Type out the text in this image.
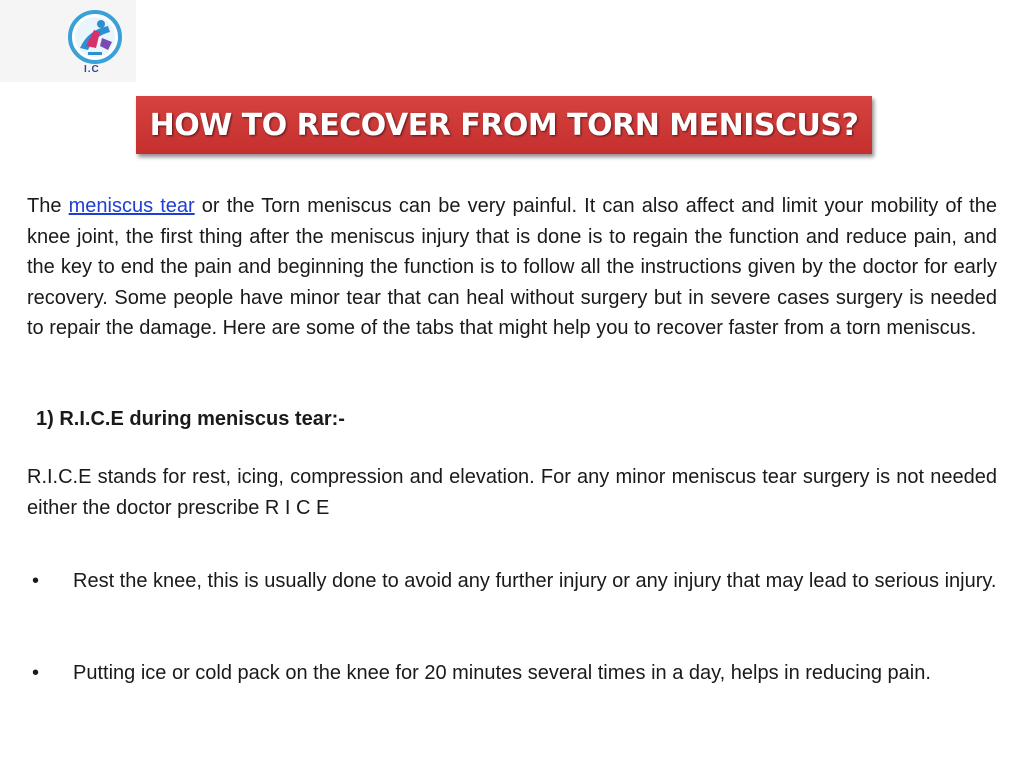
I.C
HOW TO RECOVER FROM TORN MENISCUS?
The meniscus tear or the Torn meniscus can be very painful. It can also affect and limit your mobility of the knee joint, the first thing after the meniscus injury that is done is to regain the function and reduce pain, and the key to end the pain and beginning the function is to follow all the instructions given by the doctor for early recovery. Some people have minor tear that can heal without surgery but in severe cases surgery is needed to repair the damage. Here are some of the tabs that might help you to recover faster from a torn meniscus.
1) R.I.C.E during meniscus tear:-
R.I.C.E stands for rest, icing, compression and elevation. For any minor meniscus tear surgery is not needed either the doctor prescribe R I C E
• Rest the knee, this is usually done to avoid any further injury or any injury that may lead to serious injury.
• Putting ice or cold pack on the knee for 20 minutes several times in a day, helps in reducing pain.
